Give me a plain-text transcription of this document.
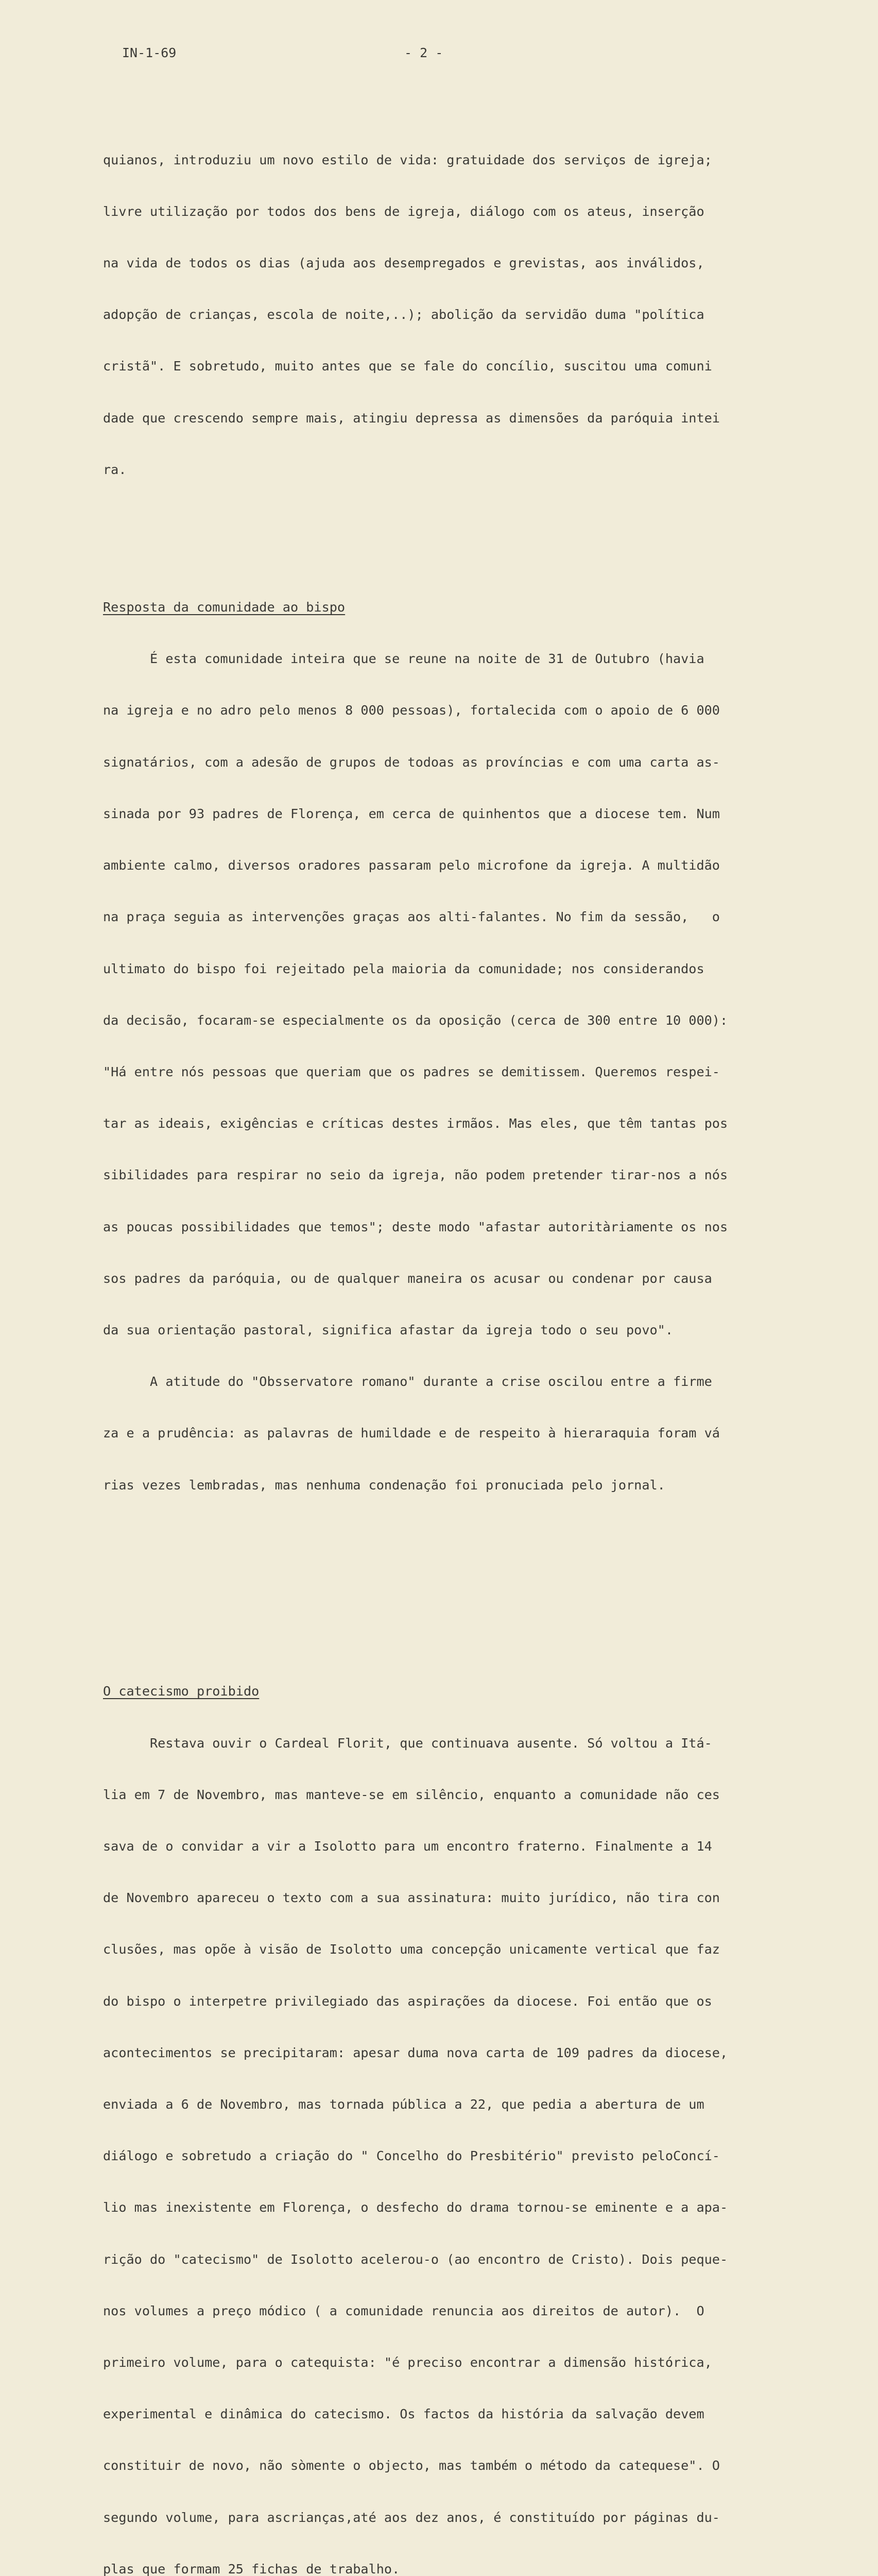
IN-1-69	- 2 -

quianos, introduziu um novo estilo de vida: gratuidade dos serviços de igreja;

livre utilização por todos dos bens de igreja, diálogo com os ateus, inserção

na vida de todos os dias (ajuda aos desempregados e grevistas, aos inválidos,

adopção de crianças, escola de noite,..); abolição da servidão duma "política

cristã". E sobretudo, muito antes que se fale do concílio, suscitou uma comuni

dade que crescendo sempre mais, atingiu depressa as dimensões da paróquia intei

ra.

Resposta da comunidade ao bispo

É esta comunidade inteira que se reune na noite de 31 de Outubro (havia

na igreja e no adro pelo menos 8 000 pessoas), fortalecida com o apoio de 6 000

signatários, com a adesão de grupos de todoas as províncias e com uma carta as-

sinada por 93 padres de Florença, em cerca de quinhentos que a diocese tem. Num

ambiente calmo, diversos oradores passaram pelo microfone da igreja. A multidão

na praça seguia as intervenções graças aos alti-falantes. No fim da sessão,   o

ultimato do bispo foi rejeitado pela maioria da comunidade; nos considerandos

da decisão, focaram-se especialmente os da oposição (cerca de 300 entre 10 000):

"Há entre nós pessoas que queriam que os padres se demitissem. Queremos respei-

tar as ideais, exigências e críticas destes irmãos. Mas eles, que têm tantas pos

sibilidades para respirar no seio da igreja, não podem pretender tirar-nos a nós

as poucas possibilidades que temos"; deste modo "afastar autoritàriamente os nos

sos padres da paróquia, ou de qualquer maneira os acusar ou condenar por causa

da sua orientação pastoral, significa afastar da igreja todo o seu povo".

A atitude do "Obsservatore romano" durante a crise oscilou entre a firme

za e a prudência: as palavras de humildade e de respeito à hieraraquia foram vá

rias vezes lembradas, mas nenhuma condenação foi pronuciada pelo jornal.

O catecismo proibido

Restava ouvir o Cardeal Florit, que continuava ausente. Só voltou a Itá-

lia em 7 de Novembro, mas manteve-se em silêncio, enquanto a comunidade não ces

sava de o convidar a vir a Isolotto para um encontro fraterno. Finalmente a 14

de Novembro apareceu o texto com a sua assinatura: muito jurídico, não tira con

clusões, mas opõe à visão de Isolotto uma concepção unicamente vertical que faz

do bispo o interpetre privilegiado das aspirações da diocese. Foi então que os

acontecimentos se precipitaram: apesar duma nova carta de 109 padres da diocese,

enviada a 6 de Novembro, mas tornada pública a 22, que pedia a abertura de um

diálogo e sobretudo a criação do " Concelho do Presbitério" previsto peloConcí-

lio mas inexistente em Florença, o desfecho do drama tornou-se eminente e a apa-

rição do "catecismo" de Isolotto acelerou-o (ao encontro de Cristo). Dois peque-

nos volumes a preço módico ( a comunidade renuncia aos direitos de autor).  O

primeiro volume, para o catequista: "é preciso encontrar a dimensão histórica,

experimental e dinâmica do catecismo. Os factos da história da salvação devem

constituir de novo, não sòmente o objecto, mas também o método da catequese". O

segundo volume, para ascrianças,até aos dez anos, é constituído por páginas du-

plas que formam 25 fichas de trabalho.
